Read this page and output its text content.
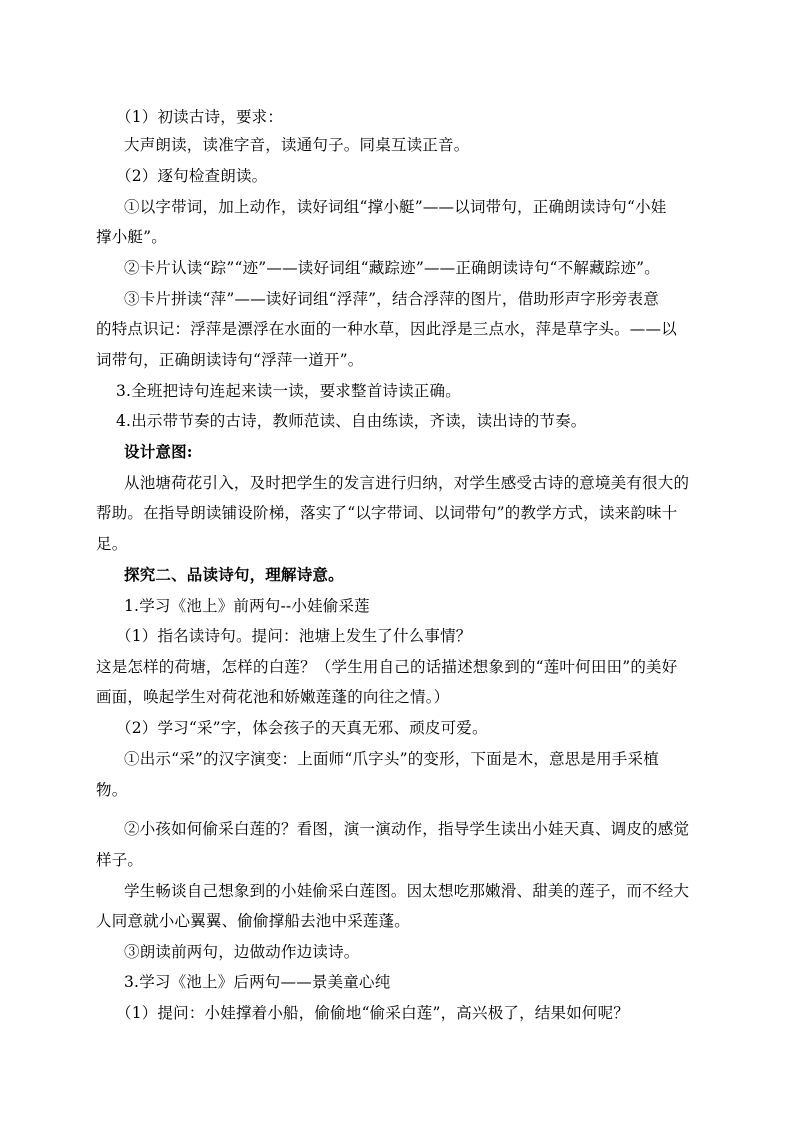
（1）初读古诗，要求：
大声朗读，读准字音，读通句子。同桌互读正音。
（2）逐句检查朗读。
①以字带词，加上动作，读好词组“撑小艇”——以词带句，正确朗读诗句“小娃
撑小艇”。
②卡片认读“踪”“迹”——读好词组“藏踪迹”——正确朗读诗句“不解藏踪迹”。
③卡片拼读“萍”——读好词组“浮萍”，结合浮萍的图片，借助形声字形旁表意
的特点识记：浮萍是漂浮在水面的一种水草，因此浮是三点水，萍是草字头。——以
词带句，正确朗读诗句“浮萍一道开”。
3.全班把诗句连起来读一读，要求整首诗读正确。
4.出示带节奏的古诗，教师范读、自由练读，齐读，读出诗的节奏。
设计意图:
从池塘荷花引入，及时把学生的发言进行归纳，对学生感受古诗的意境美有很大的
帮助。在指导朗读铺设阶梯，落实了“以字带词、以词带句”的教学方式，读来韵味十
足。
探究二、品读诗句，理解诗意。
1.学习《池上》前两句--小娃偷采莲
（1）指名读诗句。提问：池塘上发生了什么事情？
这是怎样的荷塘，怎样的白莲？（学生用自己的话描述想象到的“莲叶何田田”的美好
画面，唤起学生对荷花池和娇嫩莲蓬的向往之情。）
（2）学习“采”字，体会孩子的天真无邪、顽皮可爱。
①出示“采”的汉字演变：上面师“爪字头”的变形，下面是木，意思是用手采植
物。
②小孩如何偷采白莲的？看图，演一演动作，指导学生读出小娃天真、调皮的感觉
样子。
学生畅谈自己想象到的小娃偷采白莲图。因太想吃那嫩滑、甜美的莲子，而不经大
人同意就小心翼翼、偷偷撑船去池中采莲蓬。
③朗读前两句，边做动作边读诗。
3.学习《池上》后两句——景美童心纯
（1）提问：小娃撑着小船，偷偷地“偷采白莲”，高兴极了，结果如何呢？
